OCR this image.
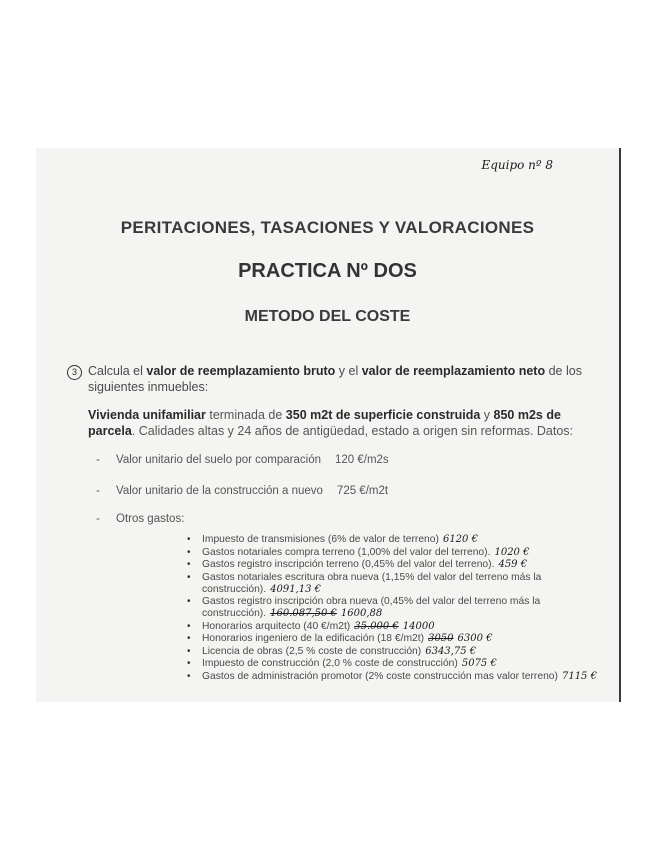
Equipo nº 8
PERITACIONES, TASACIONES Y VALORACIONES
PRACTICA Nº DOS
METODO DEL COSTE
3 Calcula el valor de reemplazamiento bruto y el valor de reemplazamiento neto de los siguientes inmuebles:
Vivienda unifamiliar terminada de 350 m2t de superficie construida y 850 m2s de parcela. Calidades altas y 24 años de antigüedad, estado a origen sin reformas. Datos:
- Valor unitario del suelo por comparación 120 €/m2s
- Valor unitario de la construcción a nuevo 725 €/m2t
- Otros gastos:
• Impuesto de transmisiones (6% de valor de terreno) 6120 €
• Gastos notariales compra terreno (1,00% del valor del terreno). 1020 €
• Gastos registro inscripción terreno (0,45% del valor del terreno). 459 €
• Gastos notariales escritura obra nueva (1,15% del valor del terreno más la construcción). 4091,13 €
• Gastos registro inscripción obra nueva (0,45% del valor del terreno más la construcción). 160.087,50 € 1600,88
• Honorarios arquitecto (40 €/m2t) 35.000 € 14000
• Honorarios ingeniero de la edificación (18 €/m2t) 3050 6300 €
• Licencia de obras (2,5 % coste de construcción) 6343,75 €
• Impuesto de construcción (2,0 % coste de construcción) 5075 €
• Gastos de administración promotor (2% coste construcción mas valor terreno) 7115 €
